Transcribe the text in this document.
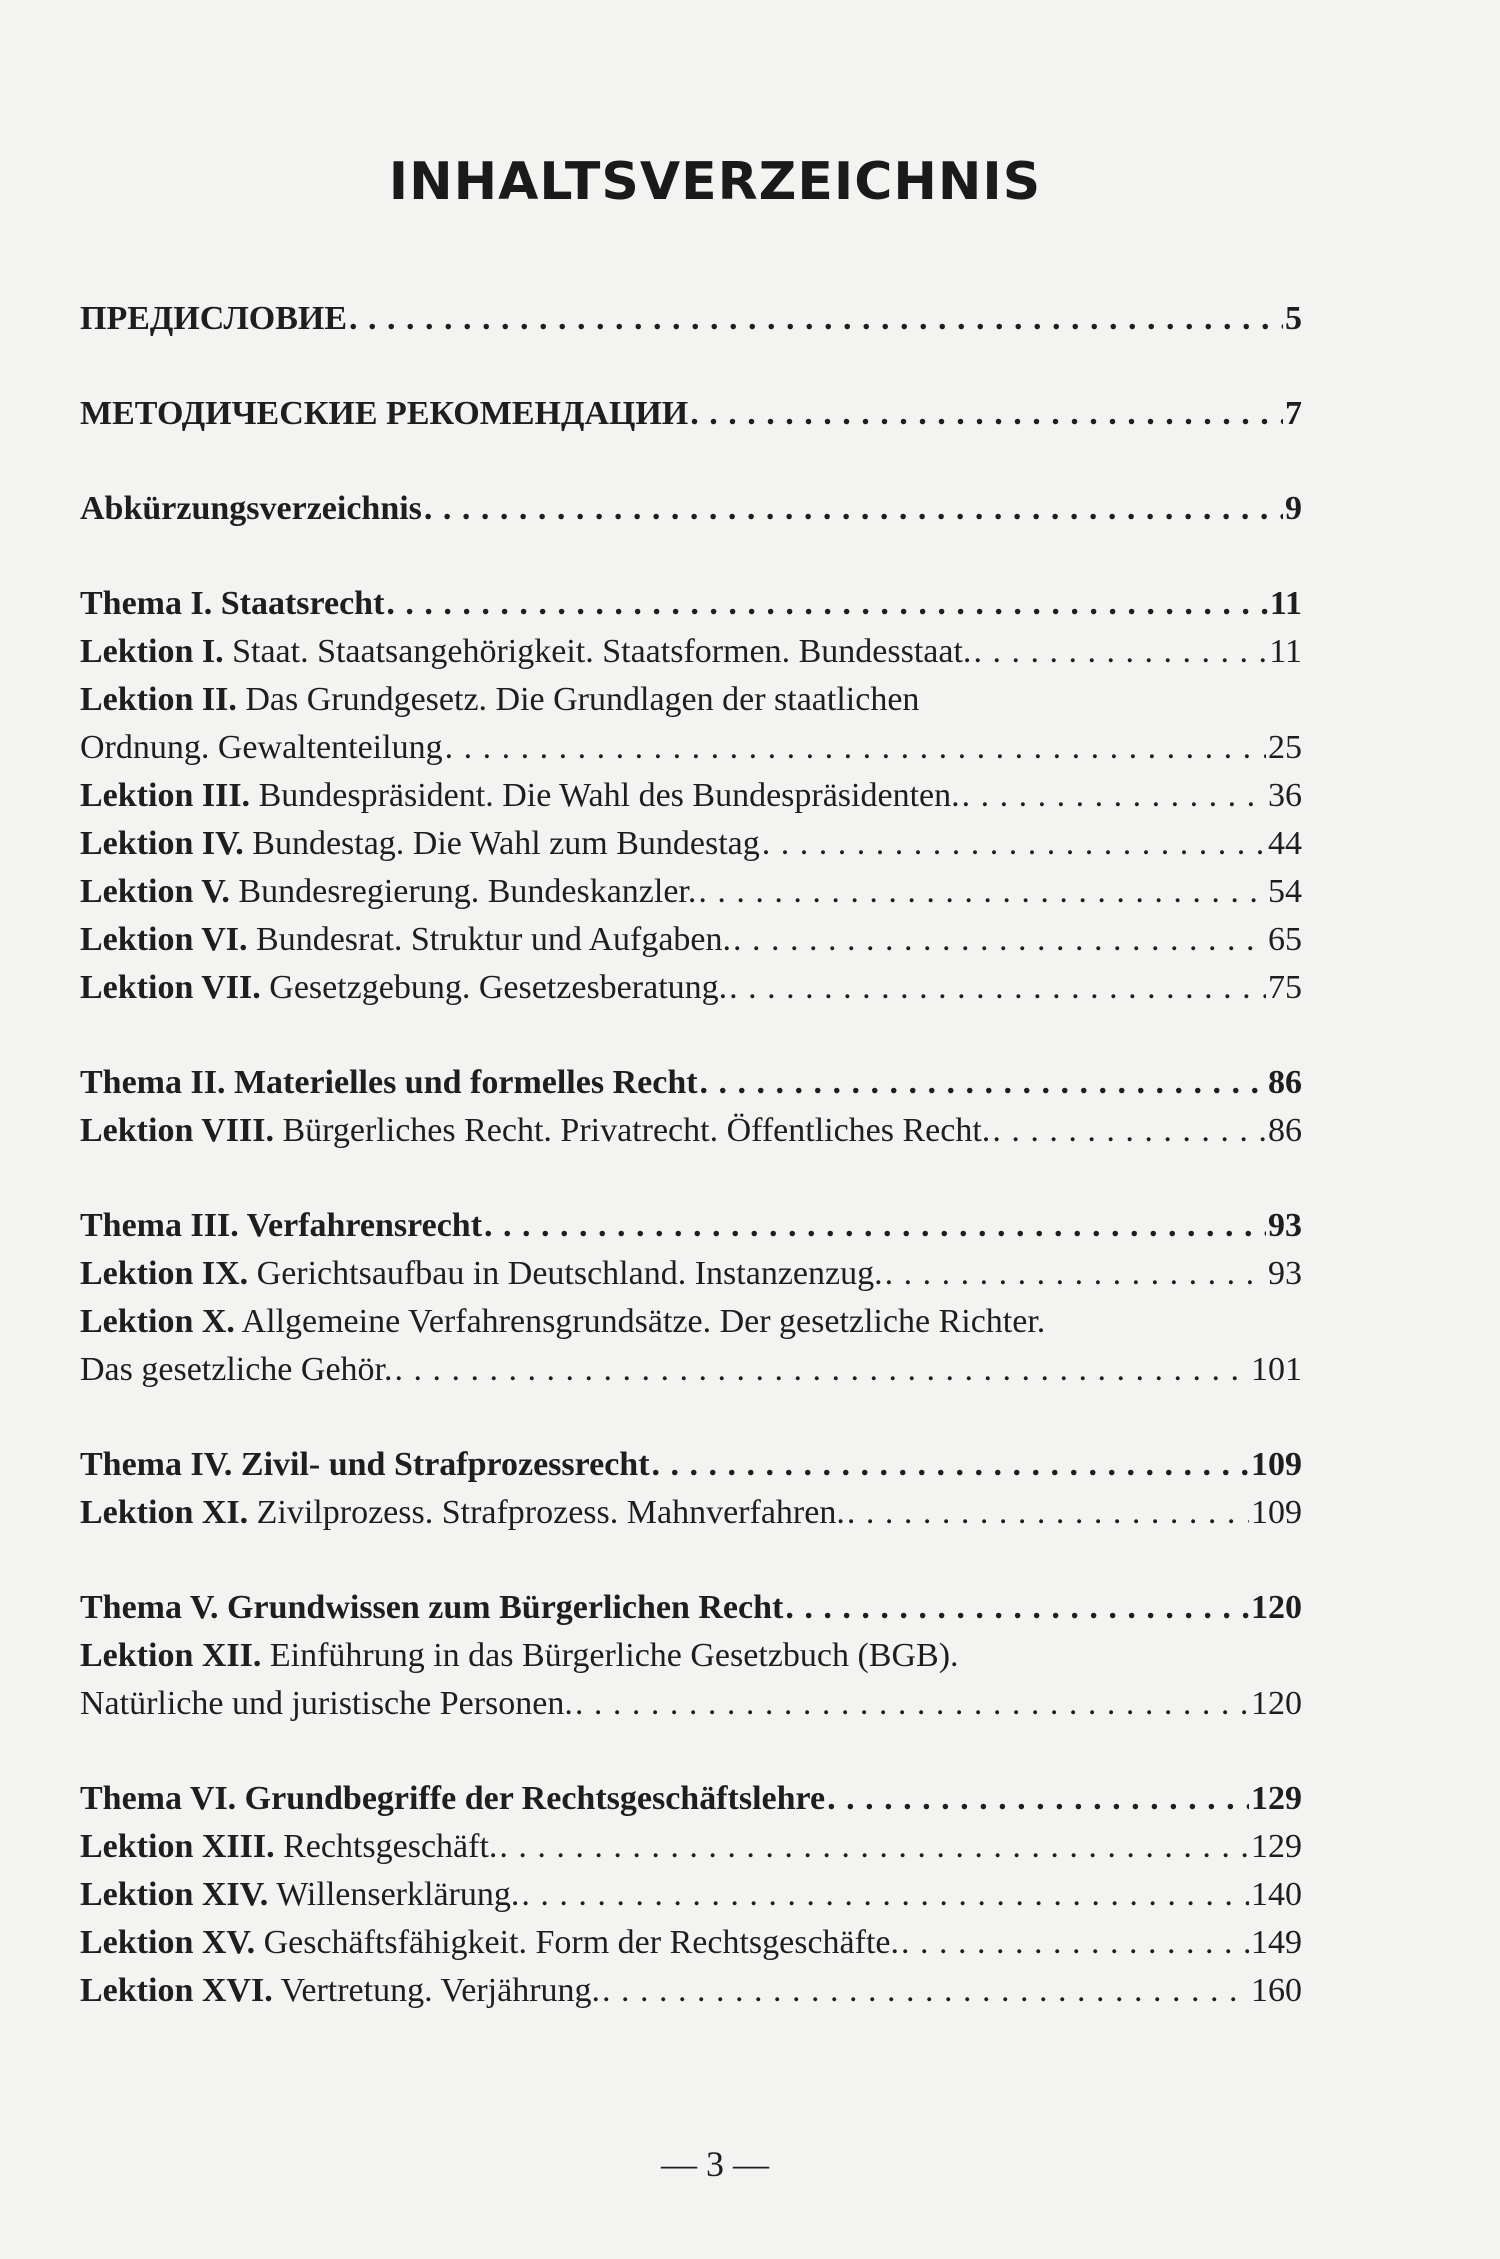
INHALTSVERZEICHNIS
ПРЕДИСЛОВИЕ . . .	5
МЕТОДИЧЕСКИЕ РЕКОМЕНДАЦИИ . . .	7
Abkürzungsverzeichnis . . .	9
Thema I. Staatsrecht . . .	11
Lektion I. Staat. Staatsangehörigkeit. Staatsformen. Bundesstaat. . . .	11
Lektion II. Das Grundgesetz. Die Grundlagen der staatlichen
Ordnung. Gewaltenteilung . . .	25
Lektion III. Bundespräsident. Die Wahl des Bundespräsidenten. . . .	36
Lektion IV. Bundestag. Die Wahl zum Bundestag . . .	44
Lektion V. Bundesregierung. Bundeskanzler. . . .	54
Lektion VI. Bundesrat. Struktur und Aufgaben. . . .	65
Lektion VII. Gesetzgebung. Gesetzesberatung. . . .	75
Thema II. Materielles und formelles Recht . . .	86
Lektion VIII. Bürgerliches Recht. Privatrecht. Öffentliches Recht. . . .	86
Thema III. Verfahrensrecht . . .	93
Lektion IX. Gerichtsaufbau in Deutschland. Instanzenzug. . . .	93
Lektion X. Allgemeine Verfahrensgrundsätze. Der gesetzliche Richter.
Das gesetzliche Gehör. . . .	101
Thema IV. Zivil- und Strafprozessrecht . . .	109
Lektion XI. Zivilprozess. Strafprozess. Mahnverfahren. . . .	109
Thema V. Grundwissen zum Bürgerlichen Recht . . .	120
Lektion XII. Einführung in das Bürgerliche Gesetzbuch (BGB).
Natürliche und juristische Personen. . . .	120
Thema VI. Grundbegriffe der Rechtsgeschäftslehre . . .	129
Lektion XIII. Rechtsgeschäft. . . .	129
Lektion XIV. Willenserklärung. . . .	140
Lektion XV. Geschäftsfähigkeit. Form der Rechtsgeschäfte. . . .	149
Lektion XVI. Vertretung. Verjährung. . . .	160
— 3 —
